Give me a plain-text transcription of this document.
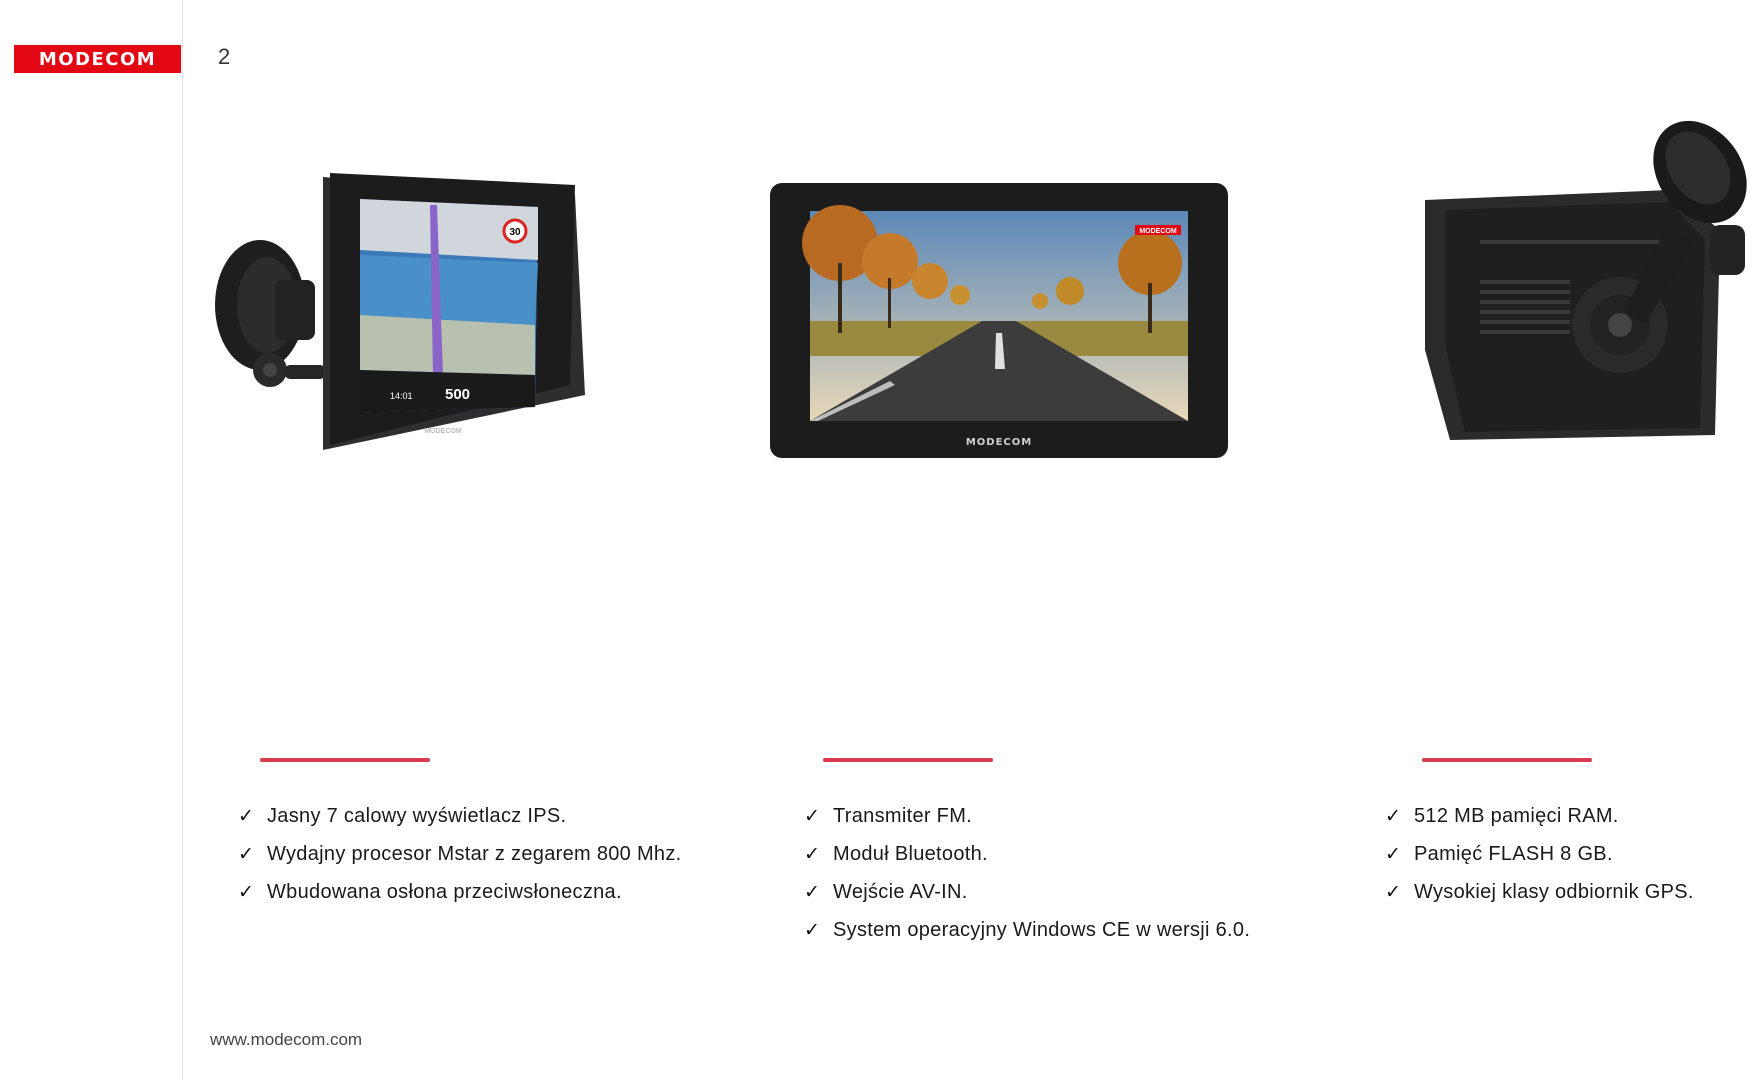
MODECOM	2
30
14:01 500
MODECOM
MODECOM
MODECOM
✓ Jasny 7 calowy wyświetlacz IPS.
✓ Wydajny procesor Mstar z zegarem 800 Mhz.
✓ Wbudowana osłona przeciwsłoneczna.
✓ Transmiter FM.
✓ Moduł Bluetooth.
✓ Wejście AV-IN.
✓ System operacyjny Windows CE w wersji 6.0.
✓ 512 MB pamięci RAM.
✓ Pamięć FLASH 8 GB.
✓ Wysokiej klasy odbiornik GPS.
www.modecom.com
